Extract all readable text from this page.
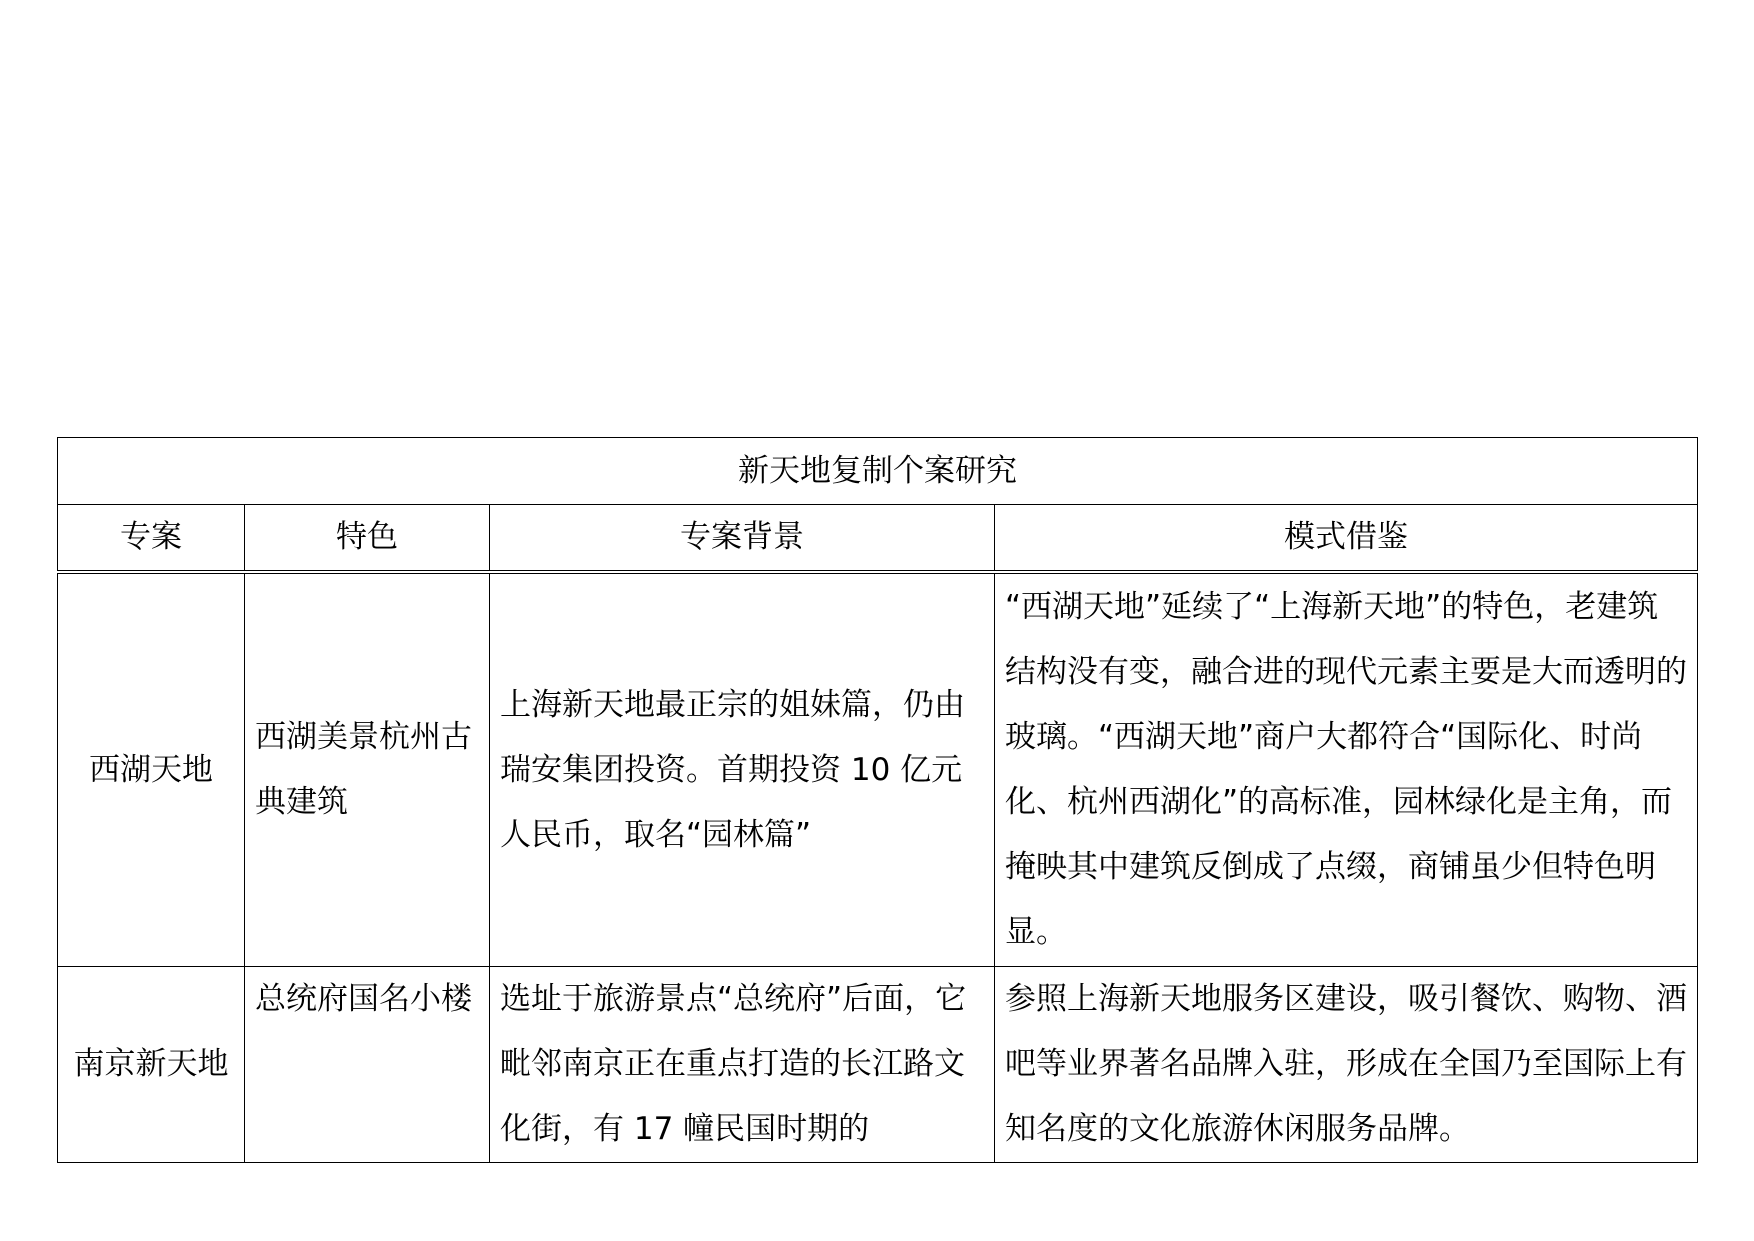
新天地复制个案研究			
专案	特色	专案背景	模式借鉴
西湖天地	西湖美景杭州古典建筑	上海新天地最正宗的姐妹篇，仍由瑞安集团投资。首期投资 10 亿元人民币，取名“园林篇”	“西湖天地”延续了“上海新天地”的特色，老建筑结构没有变，融合进的现代元素主要是大而透明的玻璃。“西湖天地”商户大都符合“国际化、时尚化、杭州西湖化”的高标准，园林绿化是主角，而掩映其中建筑反倒成了点缀，商铺虽少但特色明显。
南京新天地	总统府国名小楼	选址于旅游景点“总统府”后面，它毗邻南京正在重点打造的长江路文化街，有 17 幢民国时期的	参照上海新天地服务区建设，吸引餐饮、购物、酒吧等业界著名品牌入驻，形成在全国乃至国际上有知名度的文化旅游休闲服务品牌。
